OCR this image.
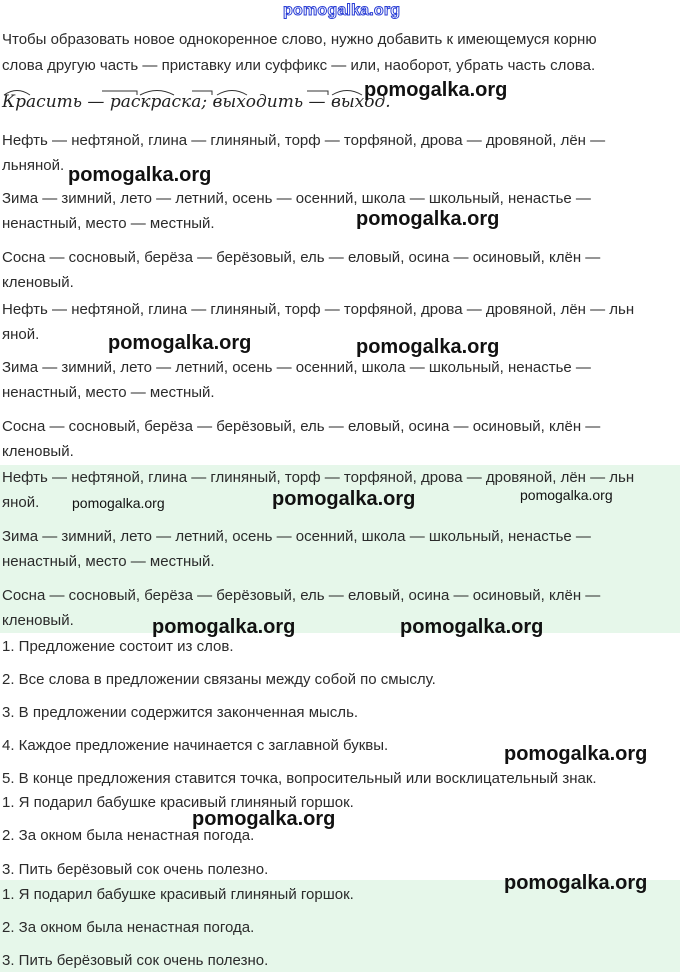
pomogalka.org
Чтобы образовать новое однокоренное слово, нужно добавить к имеющемуся корню
слова другую часть — приставку или суффикс — или, наоборот, убрать часть слова.
Красить — раскраска; выходить — выход.
Нефть — нефтяной, глина — глиняный, торф — торфяной, дрова — дровяной, лён —
льняной.
Зима — зимний, лето — летний, осень — осенний, школа — школьный, ненастье —
ненастный, место — местный.
Сосна — сосновый, берёза — берёзовый, ель — еловый, осина — осиновый, клён —
кленовый.
Нефть — нефтяной, глина — глиняный, торф — торфяной, дрова — дровяной, лён — льн
яной.
Зима — зимний, лето — летний, осень — осенний, школа — школьный, ненастье —
ненастный, место — местный.
Сосна — сосновый, берёза — берёзовый, ель — еловый, осина — осиновый, клён —
кленовый.
Нефть — нефтяной, глина — глиняный, торф — торфяной, дрова — дровяной, лён — льн
яной.
Зима — зимний, лето — летний, осень — осенний, школа — школьный, ненастье —
ненастный, место — местный.
Сосна — сосновый, берёза — берёзовый, ель — еловый, осина — осиновый, клён —
кленовый.
1. Предложение состоит из слов.
2. Все слова в предложении связаны между собой по смыслу.
3. В предложении содержится законченная мысль.
4. Каждое предложение начинается с заглавной буквы.
5. В конце предложения ставится точка, вопросительный или восклицательный знак.
1. Я подарил бабушке красивый глиняный горшок.
2. За окном была ненастная погода.
3. Пить берёзовый сок очень полезно.
1. Я подарил бабушке красивый глиняный горшок.
2. За окном была ненастная погода.
3. Пить берёзовый сок очень полезно.
pomogalka.org
pomogalka.org
pomogalka.org
pomogalka.org	pomogalka.org
pomogalka.org	pomogalka.org	pomogalka.org
pomogalka.org	pomogalka.org
pomogalka.org
pomogalka.org
pomogalka.org
